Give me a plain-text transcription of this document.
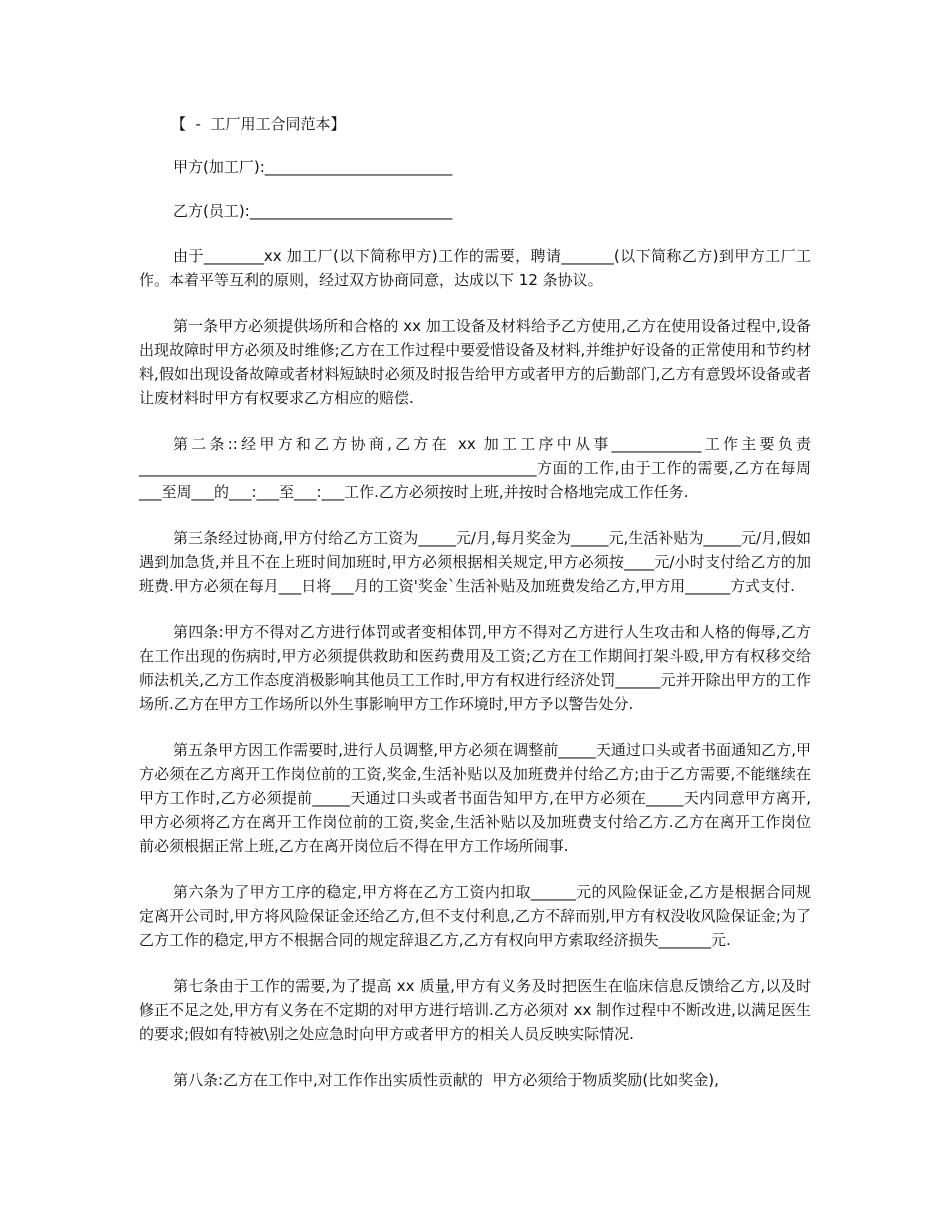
【  -  工厂用工合同范本】

甲方(加工厂):_________________________

乙方(员工):___________________________

由于________xx 加工厂(以下简称甲方)工作的需要，聘请_______(以下简称乙方)到甲方工厂工作。本着平等互利的原则，经过双方协商同意，达成以下 12 条协议。

第一条甲方必须提供场所和合格的 xx 加工设备及材料给予乙方使用,乙方在使用设备过程中,设备出现故障时甲方必须及时维修;乙方在工作过程中要爱惜设备及材料,并维护好设备的正常使用和节约材料,假如出现设备故障或者材料短缺时必须及时报告给甲方或者甲方的后勤部门,乙方有意毁坏设备或者让废材料时甲方有权要求乙方相应的赔偿.

第二条::经甲方和乙方协商,乙方在 xx 加工工序中从事____________工作主要负责_____________________________________________________方面的工作,由于工作的需要,乙方在每周___至周___的___:___至___:___工作.乙方必须按时上班,并按时合格地完成工作任务.

第三条经过协商,甲方付给乙方工资为_____元/月,每月奖金为_____元,生活补贴为_____元/月,假如遇到加急货,并且不在上班时间加班时,甲方必须根据相关规定,甲方必须按____元/小时支付给乙方的加班费.甲方必须在每月___日将___月的工资'奖金`生活补贴及加班费发给乙方,甲方用______方式支付.

第四条:甲方不得对乙方进行体罚或者变相体罚,甲方不得对乙方进行人生攻击和人格的侮辱,乙方在工作出现的伤病时,甲方必须提供救助和医药费用及工资;乙方在工作期间打架斗殴,甲方有权移交给师法机关,乙方工作态度消极影响其他员工工作时,甲方有权进行经济处罚______元并开除出甲方的工作场所.乙方在甲方工作场所以外生事影响甲方工作环境时,甲方予以警告处分.

第五条甲方因工作需要时,进行人员调整,甲方必须在调整前_____天通过口头或者书面通知乙方,甲方必须在乙方离开工作岗位前的工资,奖金,生活补贴以及加班费并付给乙方;由于乙方需要,不能继续在甲方工作时,乙方必须提前_____天通过口头或者书面告知甲方,在甲方必须在_____天内同意甲方离开,甲方必须将乙方在离开工作岗位前的工资,奖金,生活补贴以及加班费支付给乙方.乙方在离开工作岗位前必须根据正常上班,乙方在离开岗位后不得在甲方工作场所闹事.

第六条为了甲方工序的稳定,甲方将在乙方工资内扣取______元的风险保证金,乙方是根据合同规定离开公司时,甲方将风险保证金还给乙方,但不支付利息,乙方不辞而别,甲方有权没收风险保证金;为了乙方工作的稳定,甲方不根据合同的规定辞退乙方,乙方有权向甲方索取经济损失_______元.

第七条由于工作的需要,为了提高 xx 质量,甲方有义务及时把医生在临床信息反馈给乙方,以及时修正不足之处,甲方有义务在不定期的对甲方进行培训.乙方必须对 xx 制作过程中不断改进,以满足医生的要求;假如有特被\别之处应急时向甲方或者甲方的相关人员反映实际情况.

第八条:乙方在工作中,对工作作出实质性贡献的  甲方必须给于物质奖励(比如奖金),
